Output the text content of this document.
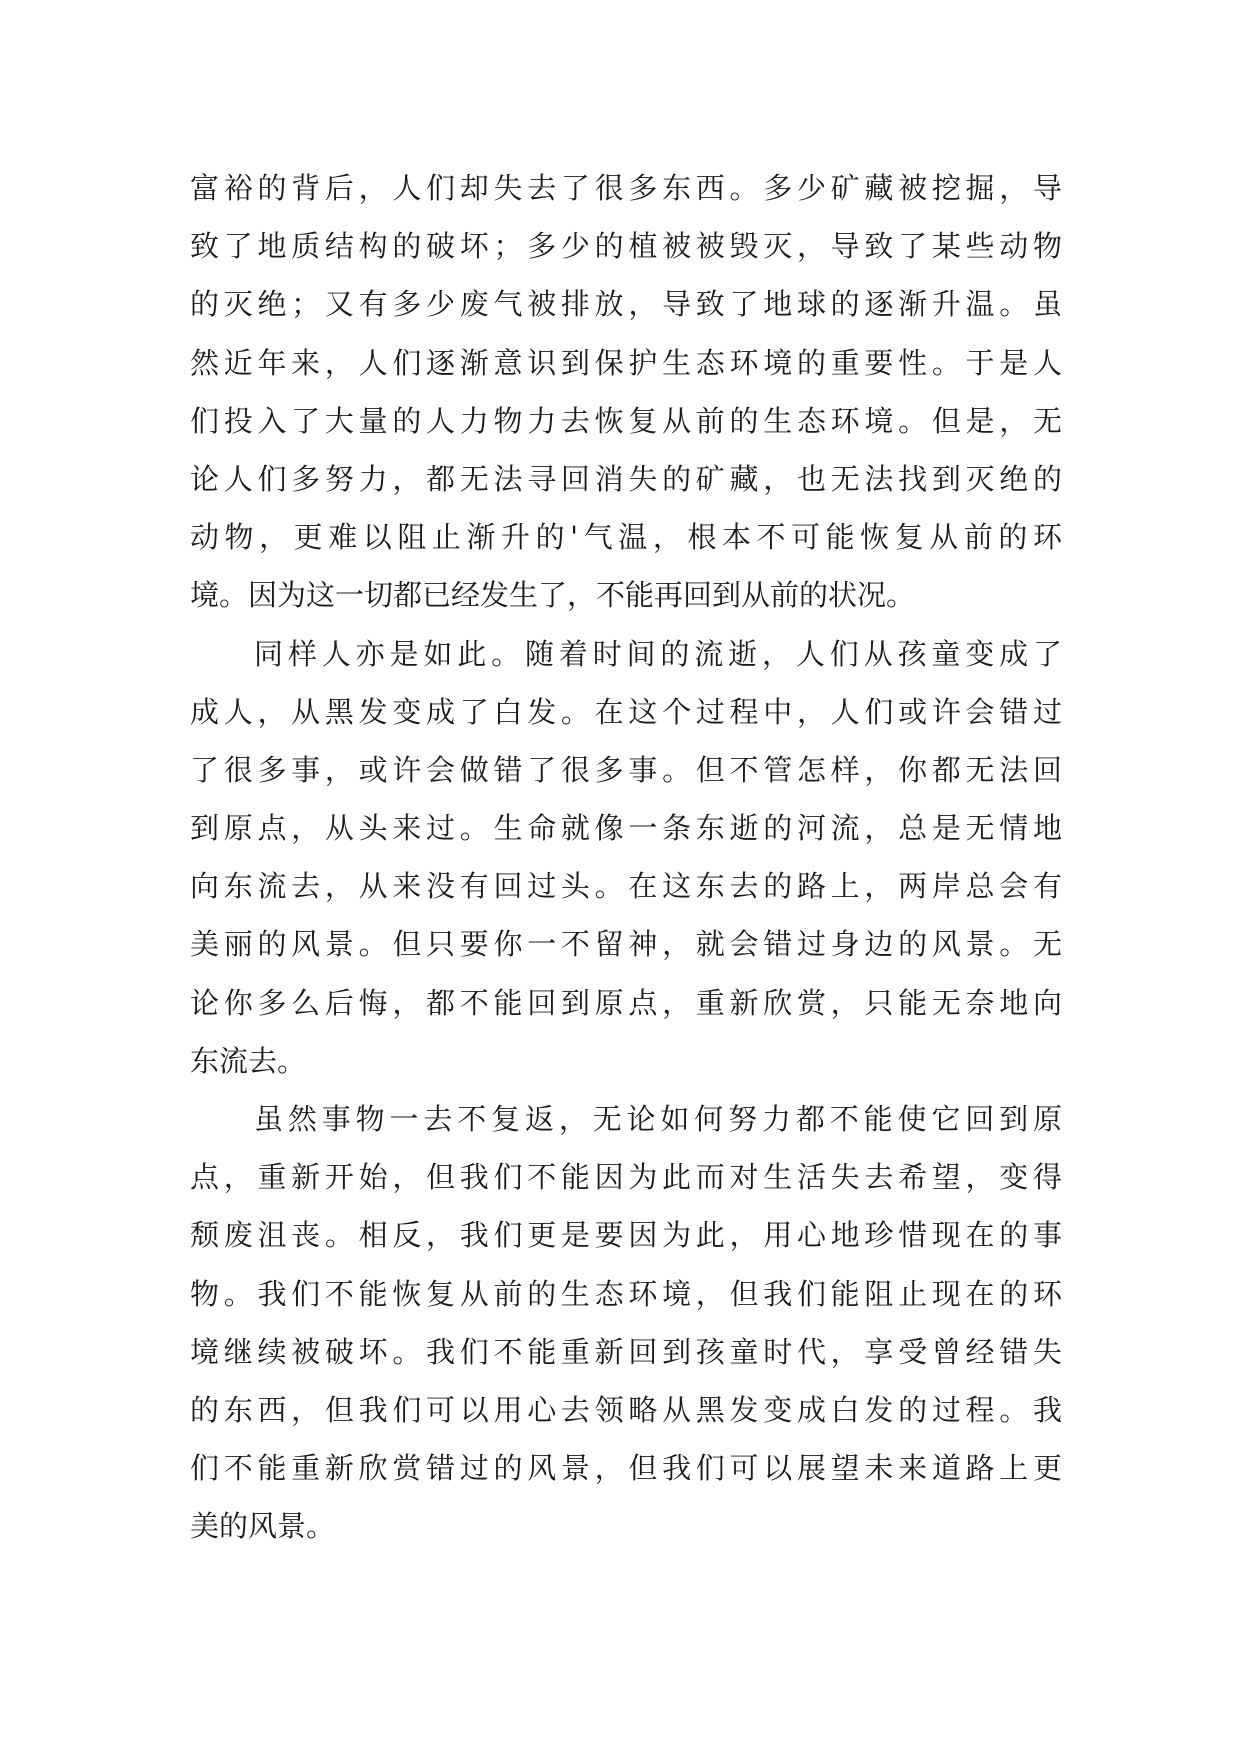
富裕的背后，人们却失去了很多东西。多少矿藏被挖掘，导
致了地质结构的破坏；多少的植被被毁灭，导致了某些动物
的灭绝；又有多少废气被排放，导致了地球的逐渐升温。虽
然近年来，人们逐渐意识到保护生态环境的重要性。于是人
们投入了大量的人力物力去恢复从前的生态环境。但是，无
论人们多努力，都无法寻回消失的矿藏，也无法找到灭绝的
动物，更难以阻止渐升的'气温，根本不可能恢复从前的环
境。因为这一切都已经发生了，不能再回到从前的状况。
同样人亦是如此。随着时间的流逝，人们从孩童变成了
成人，从黑发变成了白发。在这个过程中，人们或许会错过
了很多事，或许会做错了很多事。但不管怎样，你都无法回
到原点，从头来过。生命就像一条东逝的河流，总是无情地
向东流去，从来没有回过头。在这东去的路上，两岸总会有
美丽的风景。但只要你一不留神，就会错过身边的风景。无
论你多么后悔，都不能回到原点，重新欣赏，只能无奈地向
东流去。
虽然事物一去不复返，无论如何努力都不能使它回到原
点，重新开始，但我们不能因为此而对生活失去希望，变得
颓废沮丧。相反，我们更是要因为此，用心地珍惜现在的事
物。我们不能恢复从前的生态环境，但我们能阻止现在的环
境继续被破坏。我们不能重新回到孩童时代，享受曾经错失
的东西，但我们可以用心去领略从黑发变成白发的过程。我
们不能重新欣赏错过的风景，但我们可以展望未来道路上更
美的风景。
